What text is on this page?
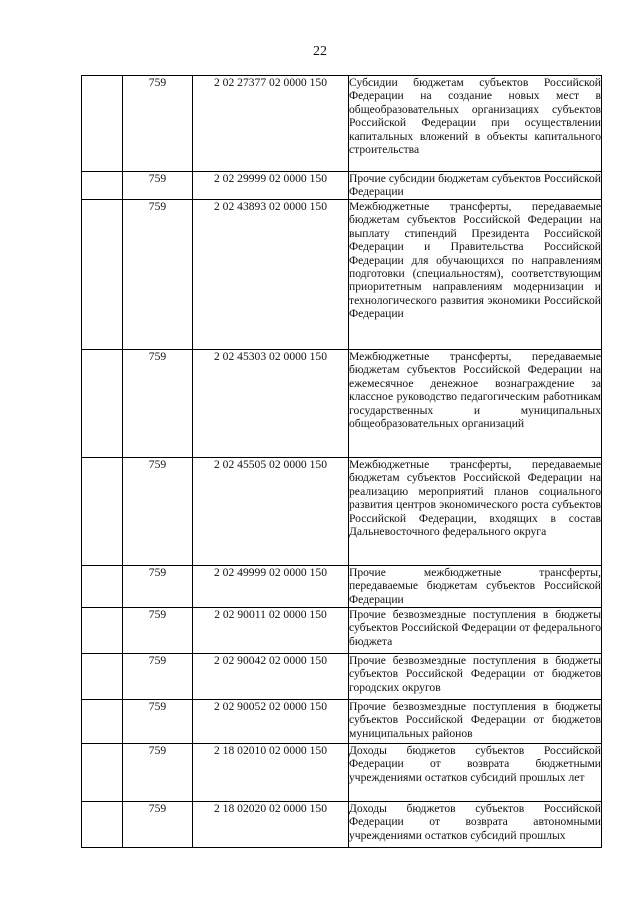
22
	759	2 02 27377 02 0000 150	Субсидии бюджетам субъектов Российской Федерации на создание новых мест в общеобразовательных организациях субъектов Российской Федерации при осуществлении капитальных вложений в объекты капитального строительства
	759	2 02 29999 02 0000 150	Прочие субсидии бюджетам субъектов Российской Федерации
	759	2 02 43893 02 0000 150	Межбюджетные трансферты, передаваемые бюджетам субъектов Российской Федерации на выплату стипендий Президента Российской Федерации и Правительства Российской Федерации для обучающихся по направлениям подготовки (специальностям), соответствующим приоритетным направлениям модернизации и технологического развития экономики Российской Федерации
	759	2 02 45303 02 0000 150	Межбюджетные трансферты, передаваемые бюджетам субъектов Российской Федерации на ежемесячное денежное вознаграждение за классное руководство педагогическим работникам государственных и муниципальных общеобразовательных организаций
	759	2 02 45505 02 0000 150	Межбюджетные трансферты, передаваемые бюджетам субъектов Российской Федерации на реализацию мероприятий планов социального развития центров экономического роста субъектов Российской Федерации, входящих в состав Дальневосточного федерального округа
	759	2 02 49999 02 0000 150	Прочие межбюджетные трансферты, передаваемые бюджетам субъектов Российской Федерации
	759	2 02 90011 02 0000 150	Прочие безвозмездные поступления в бюджеты субъектов Российской Федерации от федерального бюджета
	759	2 02 90042 02 0000 150	Прочие безвозмездные поступления в бюджеты субъектов Российской Федерации от бюджетов городских округов
	759	2 02 90052 02 0000 150	Прочие безвозмездные поступления в бюджеты субъектов Российской Федерации от бюджетов муниципальных районов
	759	2 18 02010 02 0000 150	Доходы бюджетов субъектов Российской Федерации от возврата бюджетными учреждениями остатков субсидий прошлых лет
	759	2 18 02020 02 0000 150	Доходы бюджетов субъектов Российской Федерации от возврата автономными учреждениями остатков субсидий прошлых
